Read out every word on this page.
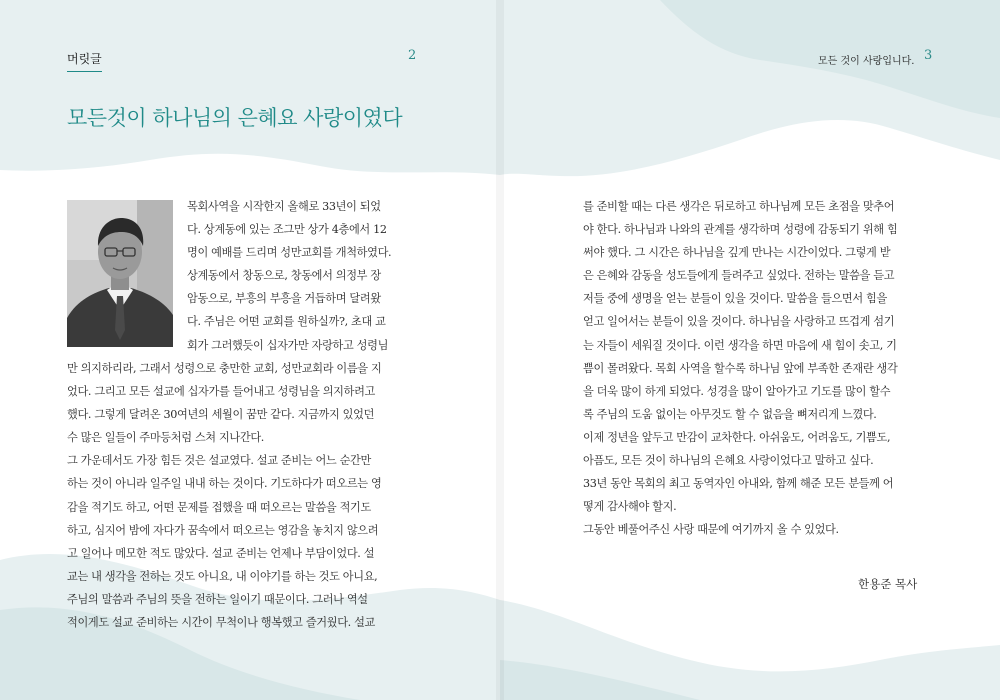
머릿글	2
모든것이 하나님의 은혜요 사랑이였다
목회사역을 시작한지 올해로 33년이 되었
다. 상계동에 있는 조그만 상가 4층에서 12
명이 예배를 드리며 성만교회를 개척하였다.
상계동에서 창동으로, 창동에서 의정부 장
암동으로, 부흥의 부흥을 거듭하며 달려왔
다. 주님은 어떤 교회를 원하실까?, 초대 교
회가 그러했듯이 십자가만 자랑하고 성령님
만 의지하리라, 그래서 성령으로 충만한 교회, 성만교회라 이름을 지
었다. 그리고 모든 설교에 십자가를 들어내고 성령님을 의지하려고
했다. 그렇게 달려온 30여년의 세월이 꿈만 같다. 지금까지 있었던
수 많은 일들이 주마등처럼 스쳐 지나간다.
그 가운데서도 가장 힘든 것은 설교였다. 설교 준비는 어느 순간만
하는 것이 아니라 일주일 내내 하는 것이다. 기도하다가 떠오르는 영
감을 적기도 하고, 어떤 문제를 접했을 때 떠오르는 말씀을 적기도
하고, 심지어 밤에 자다가 꿈속에서 떠오르는 영감을 놓치지 않으려
고 일어나 메모한 적도 많았다. 설교 준비는 언제나 부담이었다. 설
교는 내 생각을 전하는 것도 아니요, 내 이야기를 하는 것도 아니요,
주님의 말씀과 주님의 뜻을 전하는 일이기 때문이다. 그러나 역설
적이게도 설교 준비하는 시간이 무척이나 행복했고 즐거웠다. 설교
모든 것이 사랑입니다. 3
를 준비할 때는 다른 생각은 뒤로하고 하나님께 모든 초점을 맞추어
야 한다. 하나님과 나와의 관계를 생각하며 성령에 감동되기 위해 힘
써야 했다. 그 시간은 하나님을 깊게 만나는 시간이었다. 그렇게 받
은 은혜와 감동을 성도들에게 들려주고 싶었다. 전하는 말씀을 듣고
저들 중에 생명을 얻는 분들이 있을 것이다. 말씀을 들으면서 힘을
얻고 일어서는 분들이 있을 것이다. 하나님을 사랑하고 뜨겁게 섬기
는 자들이 세워질 것이다. 이런 생각을 하면 마음에 새 힘이 솟고, 기
쁨이 몰려왔다. 목회 사역을 할수록 하나님 앞에 부족한 존재란 생각
을 더욱 많이 하게 되었다. 성경을 많이 알아가고 기도를 많이 할수
록 주님의 도움 없이는 아무것도 할 수 없음을 뼈저리게 느꼈다.
이제 정년을 앞두고 만감이 교차한다. 아쉬움도, 어려움도, 기쁨도,
아픔도, 모든 것이 하나님의 은혜요 사랑이었다고 말하고 싶다.
33년 동안 목회의 최고 동역자인 아내와, 함께 해준 모든 분들께 어
떻게 감사해야 할지.
그동안 베풀어주신 사랑 때문에 여기까지 올 수 있었다.
한용준 목사
